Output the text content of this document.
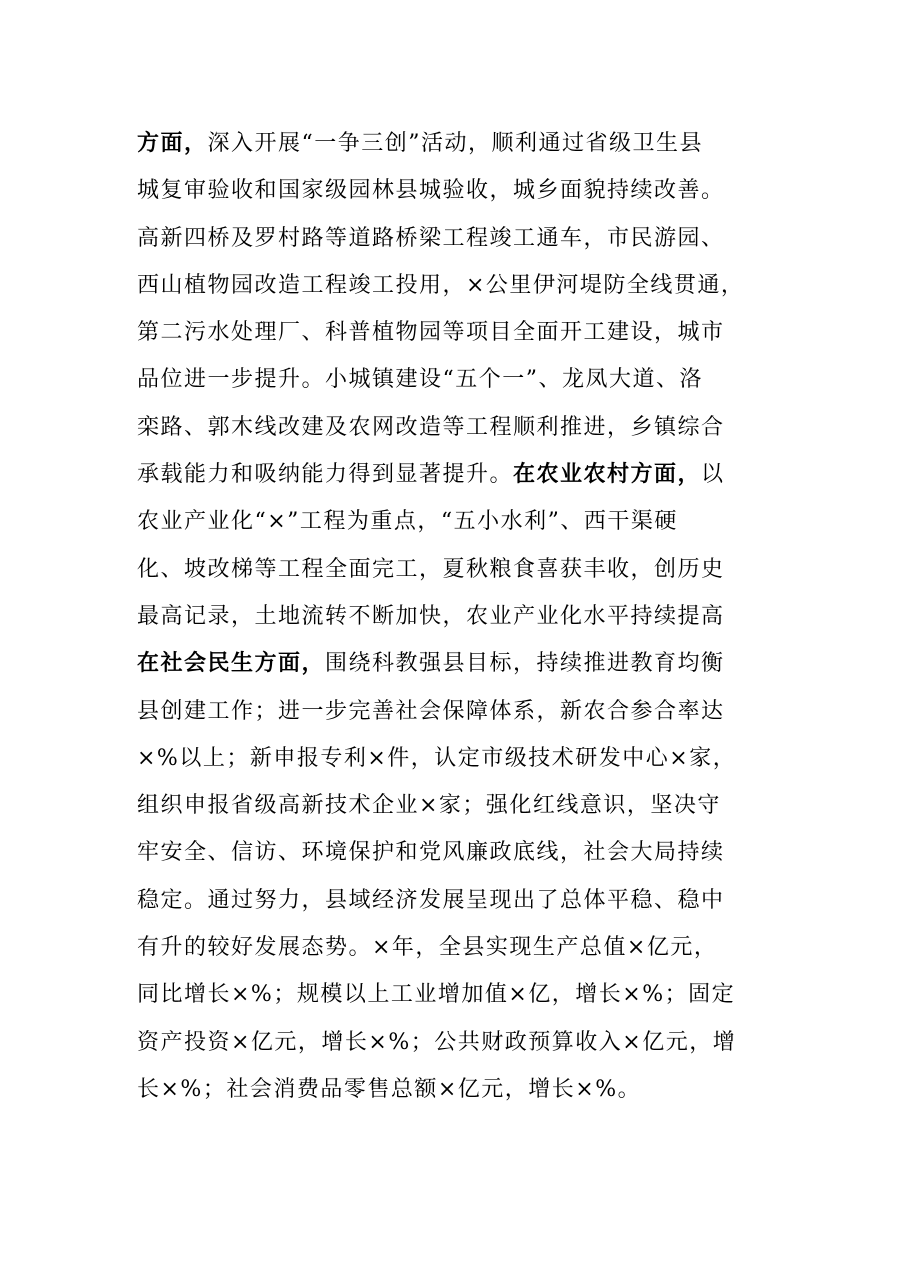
方面，深入开展“一争三创”活动，顺利通过省级卫生县
城复审验收和国家级园林县城验收，城乡面貌持续改善。
高新四桥及罗村路等道路桥梁工程竣工通车，市民游园、
西山植物园改造工程竣工投用，×公里伊河堤防全线贯通，
第二污水处理厂、科普植物园等项目全面开工建设，城市
品位进一步提升。小城镇建设“五个一”、龙凤大道、洛
栾路、郭木线改建及农网改造等工程顺利推进，乡镇综合
承载能力和吸纳能力得到显著提升。在农业农村方面，以
农业产业化“×”工程为重点，“五小水利”、西干渠硬
化、坡改梯等工程全面完工，夏秋粮食喜获丰收，创历史
最高记录，土地流转不断加快，农业产业化水平持续提高
在社会民生方面，围绕科教强县目标，持续推进教育均衡
县创建工作；进一步完善社会保障体系，新农合参合率达
×%以上；新申报专利×件，认定市级技术研发中心×家，
组织申报省级高新技术企业×家；强化红线意识，坚决守
牢安全、信访、环境保护和党风廉政底线，社会大局持续
稳定。通过努力，县域经济发展呈现出了总体平稳、稳中
有升的较好发展态势。×年，全县实现生产总值×亿元，
同比增长×%；规模以上工业增加值×亿，增长×%；固定
资产投资×亿元，增长×%；公共财政预算收入×亿元，增
长×%；社会消费品零售总额×亿元，增长×%。
